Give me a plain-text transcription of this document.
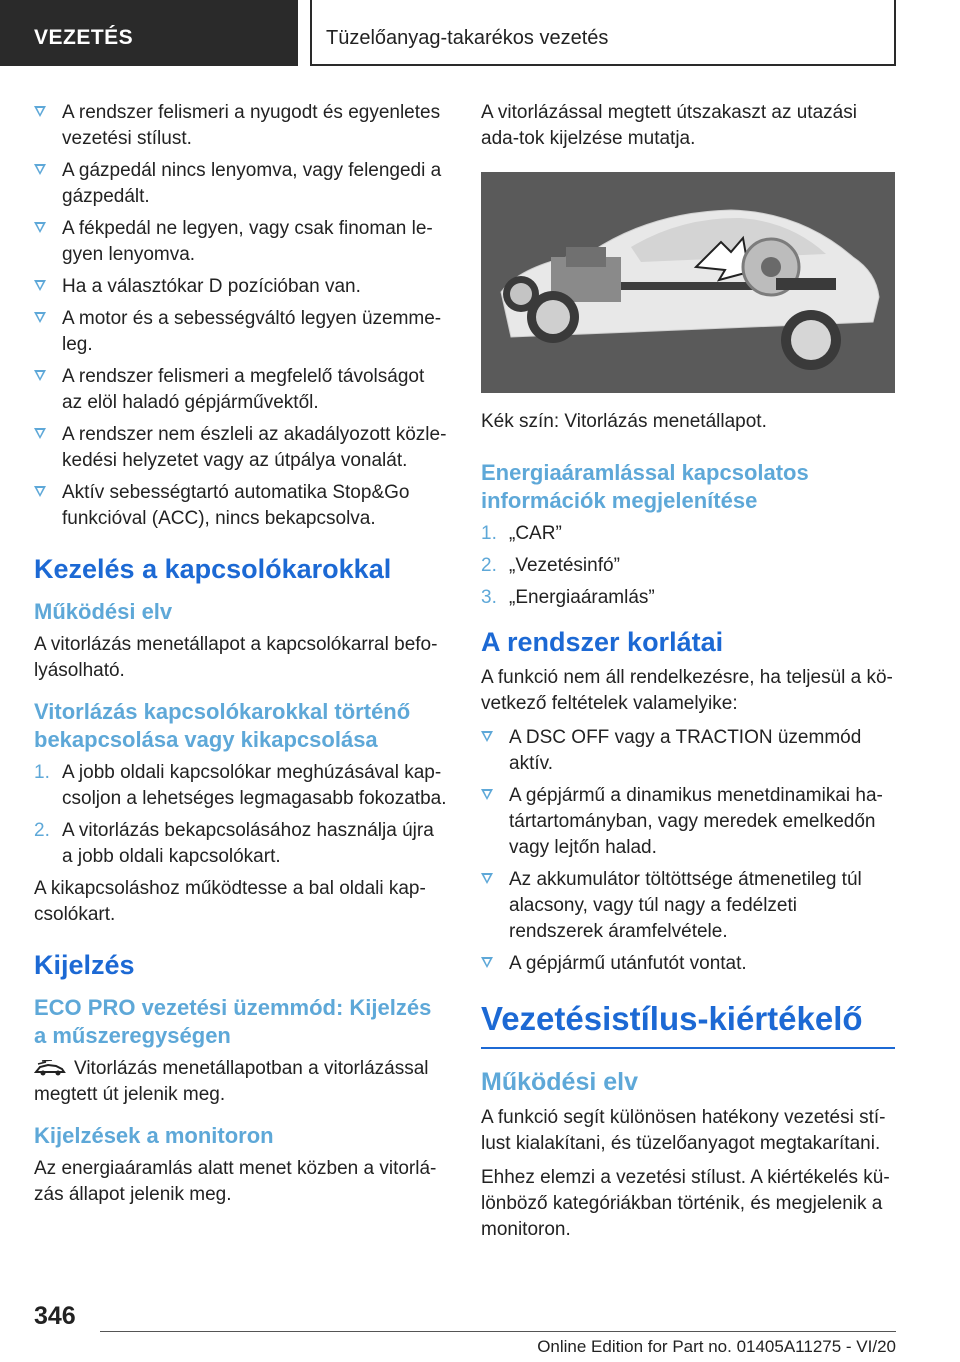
VEZETÉS	Tüzelőanyag-takarékos vezetés
A rendszer felismeri a nyugodt és egyenletes vezetési stílust.
A gázpedál nincs lenyomva, vagy felengedi a gázpedált.
A fékpedál ne legyen, vagy csak finoman le-gyen lenyomva.
Ha a választókar D pozícióban van.
A motor és a sebességváltó legyen üzemme-leg.
A rendszer felismeri a megfelelő távolságot az elöl haladó gépjárművektől.
A rendszer nem észleli az akadályozott közle-kedési helyzetet vagy az útpálya vonalát.
Aktív sebességtartó automatika Stop&Go funkcióval (ACC), nincs bekapcsolva.
Kezelés a kapcsolókarokkal
Működési elv

A vitorlázás menetállapot a kapcsolókarral befo-lyásolható.

Vitorlázás kapcsolókarokkal történő bekapcsolása vagy kikapcsolása
1. A jobb oldali kapcsolókar meghúzásával kap-csoljon a lehetséges legmagasabb fokozatba.
2. A vitorlázás bekapcsolásához használja újra a jobb oldali kapcsolókart.

A kikapcsoláshoz működtesse a bal oldali kap-csolókart.

Kijelzés
ECO PRO vezetési üzemmód: Kijelzés a műszeregységen

Vitorlázás menetállapotban a vitorlázással megtett út jelenik meg.

Kijelzések a monitoron

Az energiaáramlás alatt menet közben a vitorlá-zás állapot jelenik meg.

A vitorlázással megtett útszakaszt az utazási ada-tok kijelzése mutatja.

Kék szín: Vitorlázás menetállapot.

Energiaáramlással kapcsolatos információk megjelenítése
1. „CAR”
2. „Vezetésinfó”
3. „Energiaáramlás”
A rendszer korlátai

A funkció nem áll rendelkezésre, ha teljesül a kö-vetkező feltételek valamelyike:

A DSC OFF vagy a TRACTION üzemmód aktív.
A gépjármű a dinamikus menetdinamikai ha-tártartományban, vagy meredek emelkedőn vagy lejtőn halad.
Az akkumulátor töltöttsége átmenetileg túl alacsony, vagy túl nagy a fedélzeti rendszerek áramfelvétele.
A gépjármű utánfutót vontat.
Vezetésistílus-kiértékelő
Működési elv

A funkció segít különösen hatékony vezetési stí-lust kialakítani, és tüzelőanyagot megtakarítani.

Ehhez elemzi a vezetési stílust. A kiértékelés kü-lönböző kategóriákban történik, és megjelenik a monitoron.

346
Online Edition for Part no. 01405A11275 - VI/20
